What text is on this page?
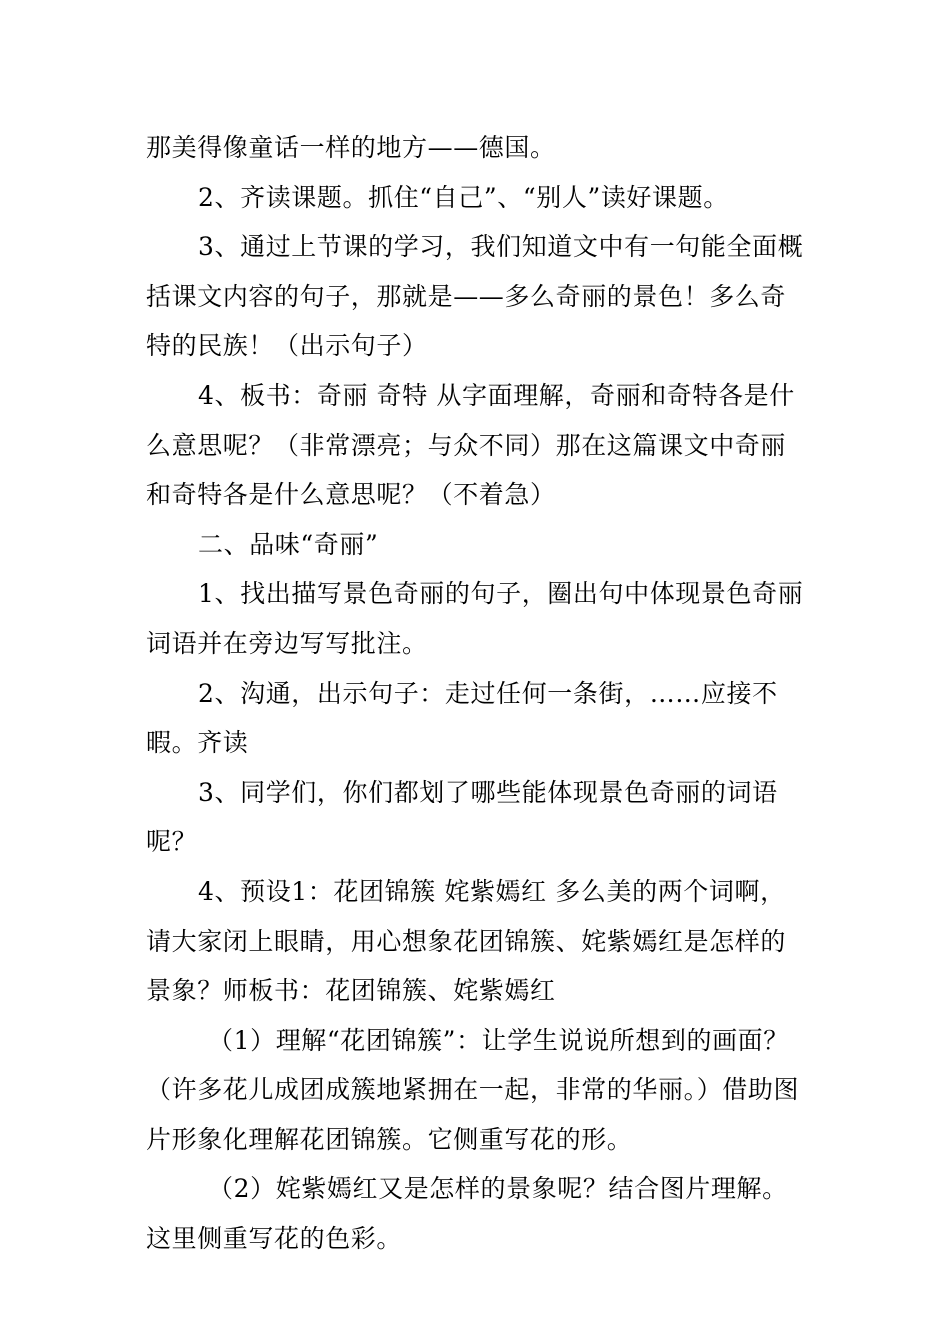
那美得像童话一样的地方——德国。

2、齐读课题。抓住“自己”、“别人”读好课题。

3、通过上节课的学习，我们知道文中有一句能全面概括课文内容的句子，那就是——多么奇丽的景色！多么奇特的民族！（出示句子）

4、板书：奇丽 奇特 从字面理解，奇丽和奇特各是什么意思呢？（非常漂亮；与众不同）那在这篇课文中奇丽和奇特各是什么意思呢？（不着急）

二、品味“奇丽”

1、找出描写景色奇丽的句子，圈出句中体现景色奇丽词语并在旁边写写批注。

2、沟通，出示句子：走过任何一条街，……应接不暇。齐读

3、同学们，你们都划了哪些能体现景色奇丽的词语呢？

4、预设1：花团锦簇 姹紫嫣红 多么美的两个词啊，请大家闭上眼睛，用心想象花团锦簇、姹紫嫣红是怎样的景象？师板书：花团锦簇、姹紫嫣红

（1）理解“花团锦簇”：让学生说说所想到的画面？（许多花儿成团成簇地紧拥在一起，非常的华丽。）借助图片形象化理解花团锦簇。它侧重写花的形。

（2）姹紫嫣红又是怎样的景象呢？结合图片理解。这里侧重写花的色彩。
